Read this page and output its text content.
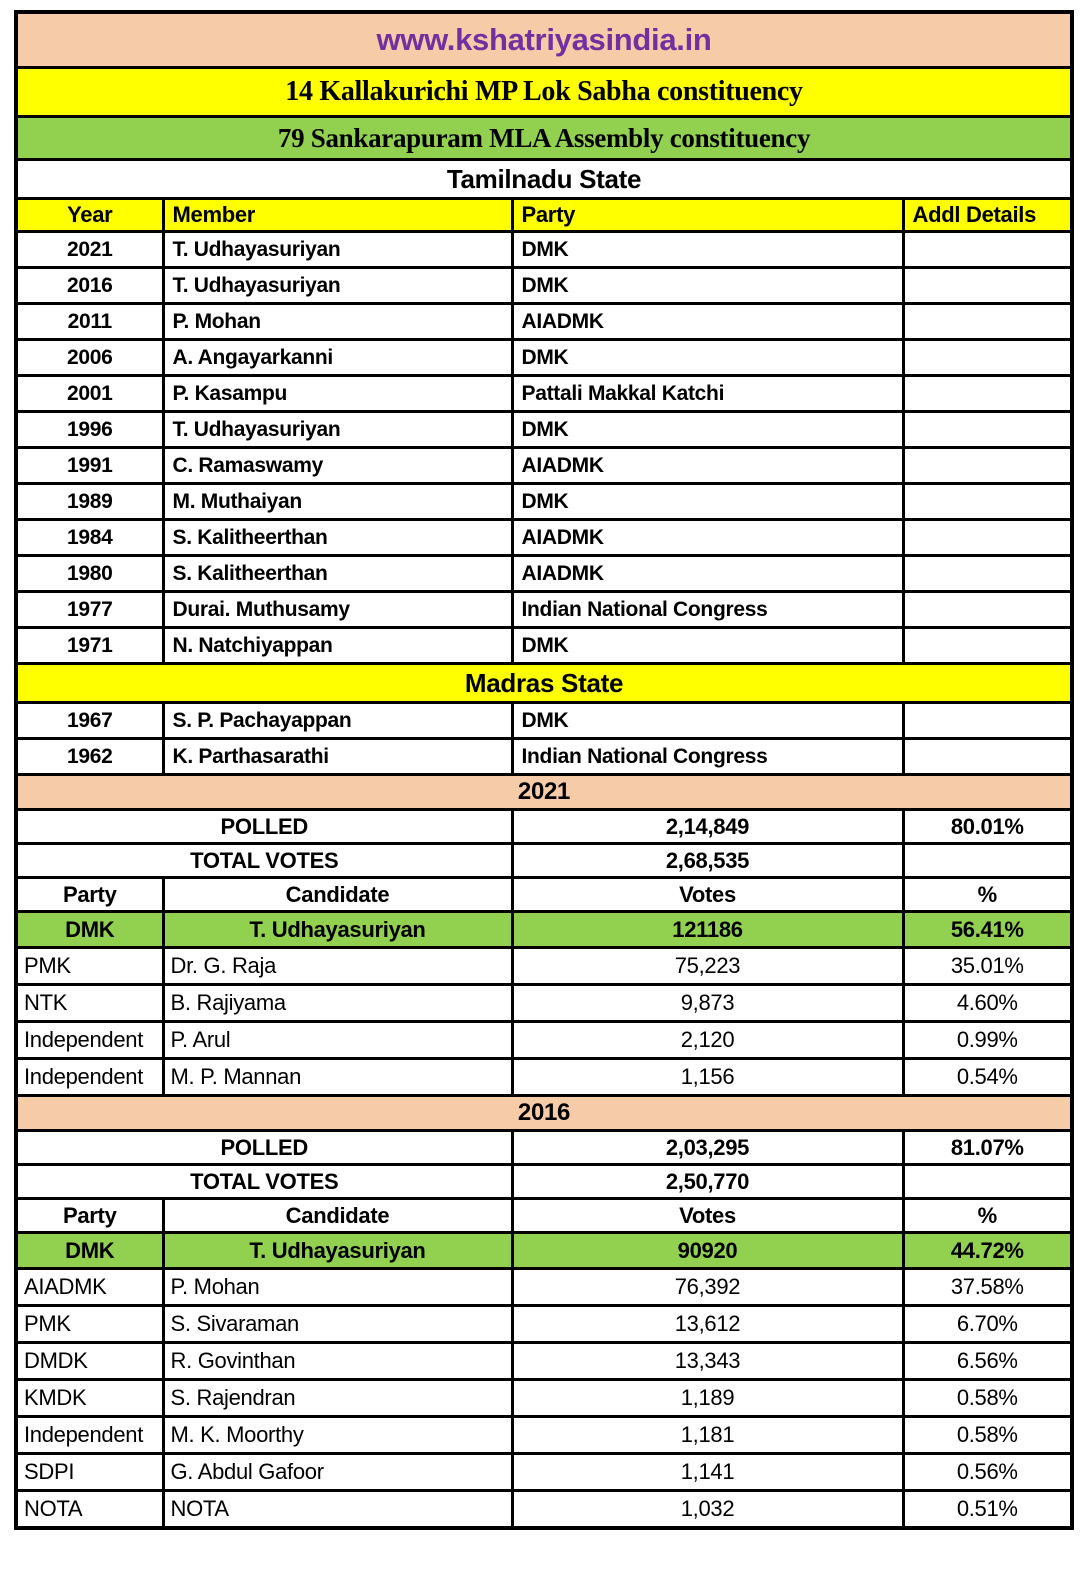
www.kshatriyasindia.in			
14 Kallakurichi MP Lok Sabha constituency			
79 Sankarapuram MLA Assembly constituency			
Tamilnadu State			
Year	Member	Party	Addl Details
2021	T. Udhayasuriyan	DMK	
2016	T. Udhayasuriyan	DMK	
2011	P. Mohan	AIADMK	
2006	A. Angayarkanni	DMK	
2001	P. Kasampu	Pattali Makkal Katchi	
1996	T. Udhayasuriyan	DMK	
1991	C. Ramaswamy	AIADMK	
1989	M. Muthaiyan	DMK	
1984	S. Kalitheerthan	AIADMK	
1980	S. Kalitheerthan	AIADMK	
1977	Durai. Muthusamy	Indian National Congress	
1971	N. Natchiyappan	DMK	
Madras State			
1967	S. P. Pachayappan	DMK	
1962	K. Parthasarathi	Indian National Congress	
2021			
POLLED		2,14,849	80.01%
TOTAL VOTES		2,68,535	
Party	Candidate	Votes	%
DMK	T. Udhayasuriyan	121186	56.41%
PMK	Dr. G. Raja	75,223	35.01%
NTK	B. Rajiyama	9,873	4.60%
Independent	P. Arul	2,120	0.99%
Independent	M. P. Mannan	1,156	0.54%
2016			
POLLED		2,03,295	81.07%
TOTAL VOTES		2,50,770	
Party	Candidate	Votes	%
DMK	T. Udhayasuriyan	90920	44.72%
AIADMK	P. Mohan	76,392	37.58%
PMK	S. Sivaraman	13,612	6.70%
DMDK	R. Govinthan	13,343	6.56%
KMDK	S. Rajendran	1,189	0.58%
Independent	M. K. Moorthy	1,181	0.58%
SDPI	G. Abdul Gafoor	1,141	0.56%
NOTA	NOTA	1,032	0.51%
